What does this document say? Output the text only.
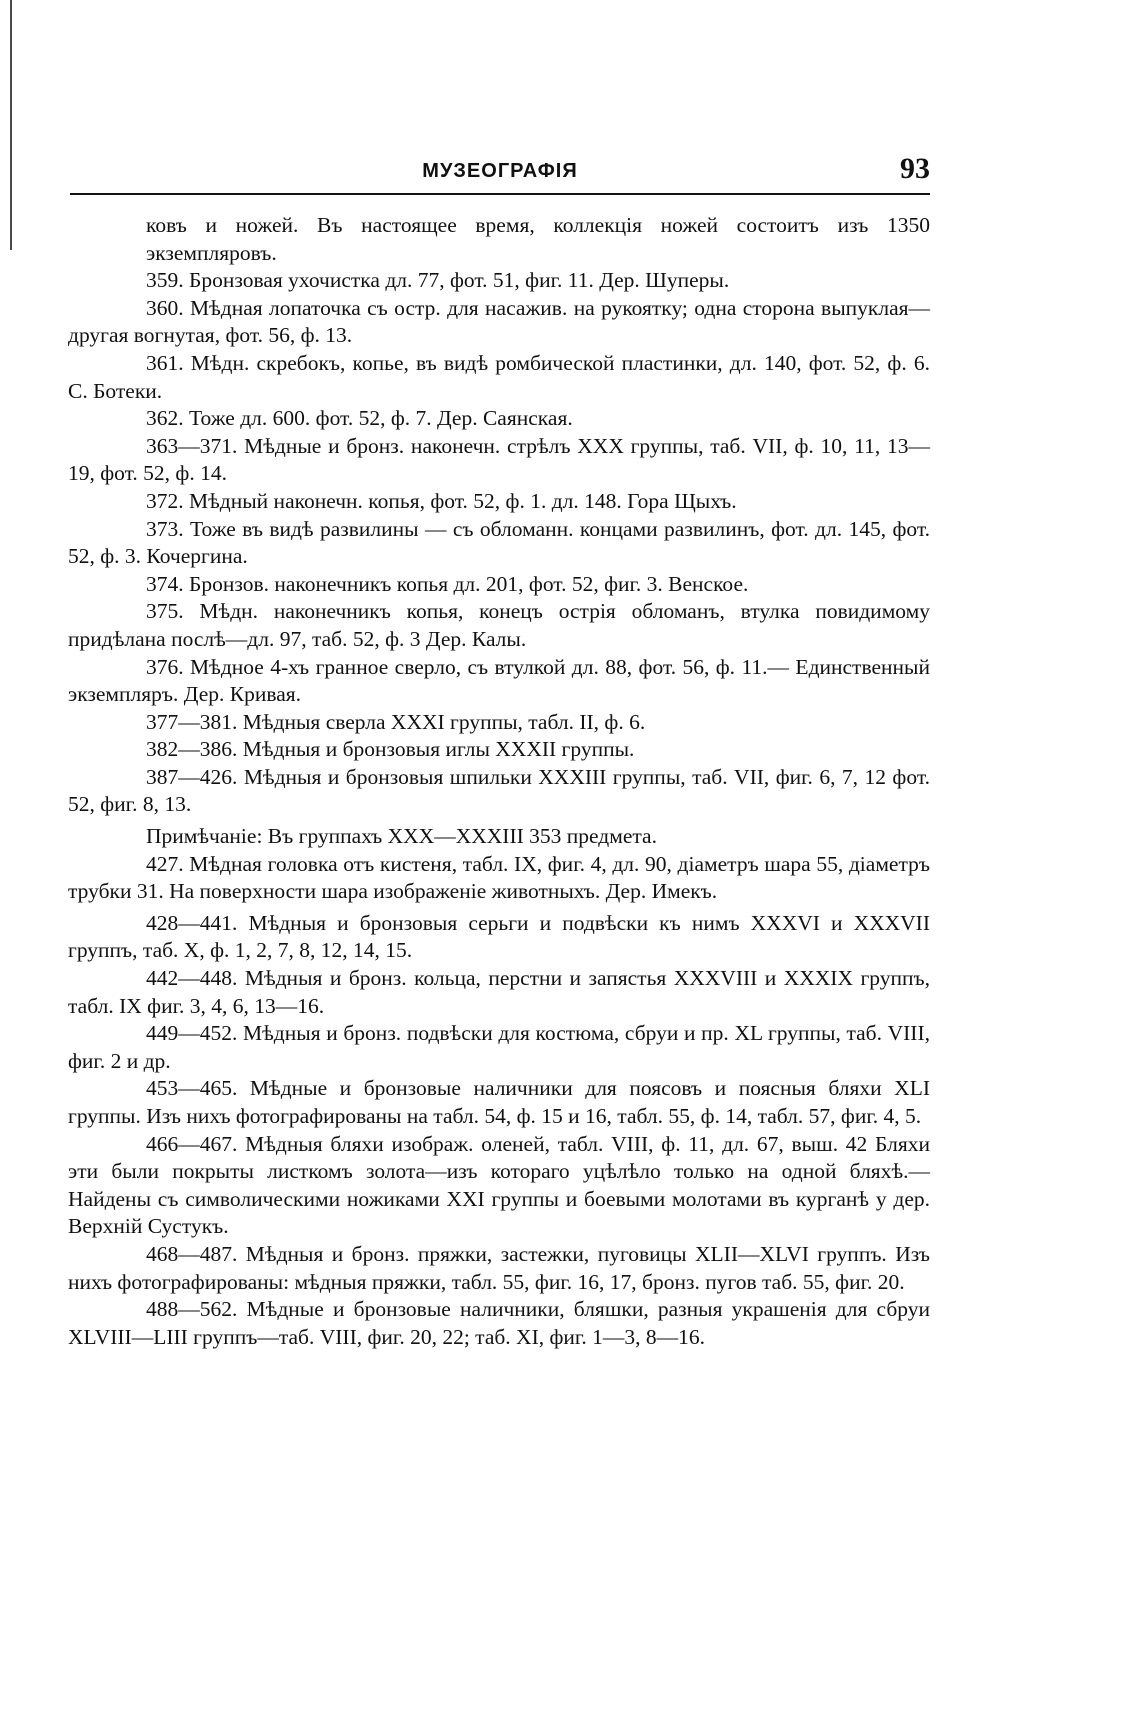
МУЗЕОГРАФІЯ	93

ковъ и ножей. Въ настоящее время, коллекція ножей состоитъ изъ 1350 экземпляровъ.

359. Бронзовая ухочистка дл. 77, фот. 51, фиг. 11. Дер. Шуперы.

360. Мѣдная лопаточка съ остр. для насажив. на рукоятку; одна сторона выпуклая—другая вогнутая, фот. 56, ф. 13.

361. Мѣдн. скребокъ, копье, въ видѣ ромбической пластинки, дл. 140, фот. 52, ф. 6. С. Ботеки.

362. Тоже дл. 600. фот. 52, ф. 7. Дер. Саянская.

363—371. Мѣдные и бронз. наконечн. стрѣлъ XXX группы, таб. VII, ф. 10, 11, 13—19, фот. 52, ф. 14.

372. Мѣдный наконечн. копья, фот. 52, ф. 1. дл. 148. Гора Щыхъ.

373. Тоже въ видѣ развилины — съ обломанн. концами развилинъ, фот. дл. 145, фот. 52, ф. 3. Кочергина.

374. Бронзов. наконечникъ копья дл. 201, фот. 52, фиг. 3. Венское.

375. Мѣдн. наконечникъ копья, конецъ острія обломанъ, втулка повидимому придѣлана послѣ—дл. 97, таб. 52, ф. 3 Дер. Калы.

376. Мѣдное 4-хъ гранное сверло, съ втулкой дл. 88, фот. 56, ф. 11.— Единственный экземпляръ. Дер. Кривая.

377—381. Мѣдныя сверла XXXI группы, табл. II, ф. 6.

382—386. Мѣдныя и бронзовыя иглы XXXII группы.

387—426. Мѣдныя и бронзовыя шпильки XXXIII группы, таб. VII, фиг. 6, 7, 12 фот. 52, фиг. 8, 13.

Примѣчаніе: Въ группахъ XXX—XXXIII 353 предмета.

427. Мѣдная головка отъ кистеня, табл. IX, фиг. 4, дл. 90, діаметръ шара 55, діаметръ трубки 31. На поверхности шара изображеніе животныхъ. Дер. Имекъ.

428—441. Мѣдныя и бронзовыя серьги и подвѣски къ нимъ XXXVI и XXXVII группъ, таб. X, ф. 1, 2, 7, 8, 12, 14, 15.

442—448. Мѣдныя и бронз. кольца, перстни и запястья XXXVIII и XXXIX группъ, табл. IX фиг. 3, 4, 6, 13—16.

449—452. Мѣдныя и бронз. подвѣски для костюма, сбруи и пр. XL группы, таб. VIII, фиг. 2 и др.

453—465. Мѣдные и бронзовые наличники для поясовъ и поясныя бляхи XLI группы. Изъ нихъ фотографированы на табл. 54, ф. 15 и 16, табл. 55, ф. 14, табл. 57, фиг. 4, 5.

466—467. Мѣдныя бляхи изображ. оленей, табл. VIII, ф. 11, дл. 67, выш. 42 Бляхи эти были покрыты листкомъ золота—изъ котораго уцѣлѣло только на одной бляхѣ.—Найдены съ символическими ножиками XXI группы и боевыми молотами въ курганѣ у дер. Верхній Сустукъ.

468—487. Мѣдныя и бронз. пряжки, застежки, пуговицы XLII—XLVI группъ. Изъ нихъ фотографированы: мѣдныя пряжки, табл. 55, фиг. 16, 17, бронз. пугов таб. 55, фиг. 20.

488—562. Мѣдные и бронзовые наличники, бляшки, разныя украшенія для сбруи XLVIII—LIII группъ—таб. VIII, фиг. 20, 22; таб. XI, фиг. 1—3, 8—16.
